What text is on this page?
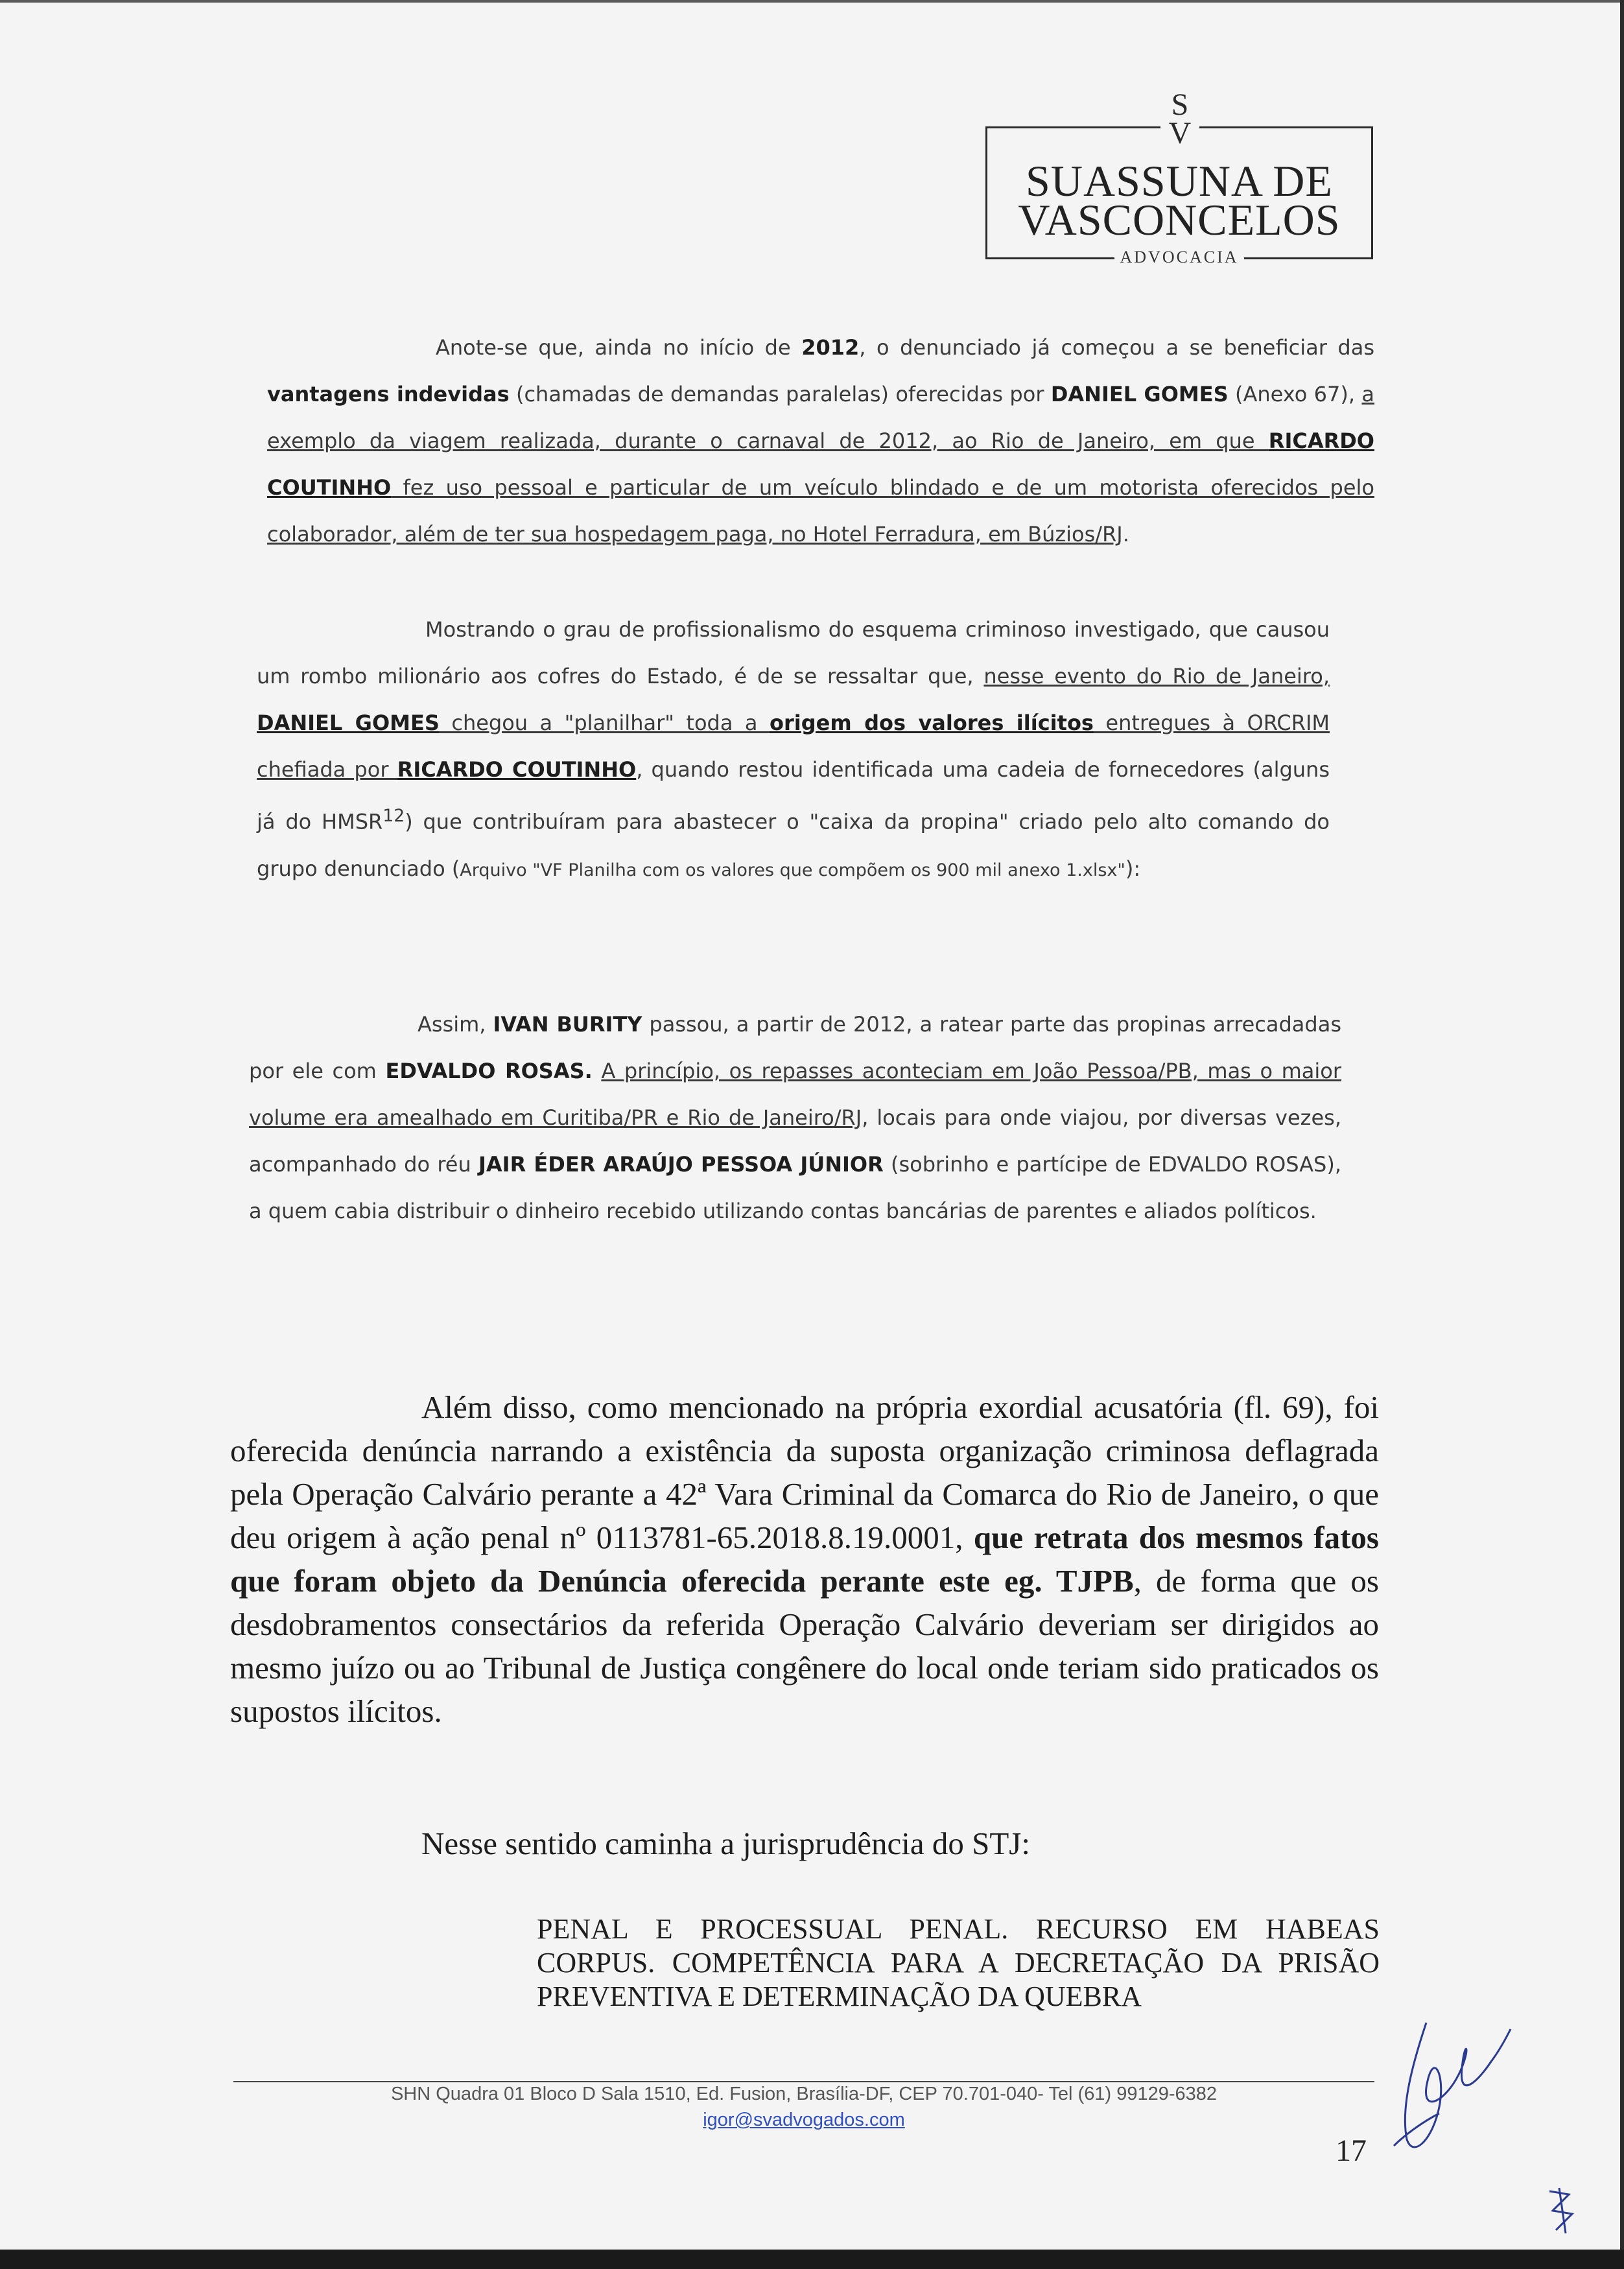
S
V
SUASSUNA DE
VASCONCELOS
ADVOCACIA

Anote-se que, ainda no início de 2012, o denunciado já começou a se beneficiar das vantagens indevidas (chamadas de demandas paralelas) oferecidas por DANIEL GOMES (Anexo 67), a exemplo da viagem realizada, durante o carnaval de 2012, ao Rio de Janeiro, em que RICARDO COUTINHO fez uso pessoal e particular de um veículo blindado e de um motorista oferecidos pelo colaborador, além de ter sua hospedagem paga, no Hotel Ferradura, em Búzios/RJ.

Mostrando o grau de profissionalismo do esquema criminoso investigado, que causou um rombo milionário aos cofres do Estado, é de se ressaltar que, nesse evento do Rio de Janeiro, DANIEL GOMES chegou a "planilhar" toda a origem dos valores ilícitos entregues à ORCRIM chefiada por RICARDO COUTINHO, quando restou identificada uma cadeia de fornecedores (alguns já do HMSR$^{12}$) que contribuíram para abastecer o "caixa da propina" criado pelo alto comando do grupo denunciado (Arquivo "VF Planilha com os valores que compõem os 900 mil anexo 1.xlsx"):

Assim, IVAN BURITY passou, a partir de 2012, a ratear parte das propinas arrecadadas por ele com EDVALDO ROSAS. A princípio, os repasses aconteciam em João Pessoa/PB, mas o maior volume era amealhado em Curitiba/PR e Rio de Janeiro/RJ, locais para onde viajou, por diversas vezes, acompanhado do réu JAIR ÉDER ARAÚJO PESSOA JÚNIOR (sobrinho e partícipe de EDVALDO ROSAS), a quem cabia distribuir o dinheiro recebido utilizando contas bancárias de parentes e aliados políticos.

Além disso, como mencionado na própria exordial acusatória (fl. 69), foi oferecida denúncia narrando a existência da suposta organização criminosa deflagrada pela Operação Calvário perante a 42ª Vara Criminal da Comarca do Rio de Janeiro, o que deu origem à ação penal nº 0113781-65.2018.8.19.0001, que retrata dos mesmos fatos que foram objeto da Denúncia oferecida perante este eg. TJPB, de forma que os desdobramentos consectários da referida Operação Calvário deveriam ser dirigidos ao mesmo juízo ou ao Tribunal de Justiça congênere do local onde teriam sido praticados os supostos ilícitos.

Nesse sentido caminha a jurisprudência do STJ:

PENAL E PROCESSUAL PENAL. RECURSO EM HABEAS CORPUS. COMPETÊNCIA PARA A DECRETAÇÃO DA PRISÃO PREVENTIVA E DETERMINAÇÃO DA QUEBRA
SHN Quadra 01 Bloco D Sala 1510, Ed. Fusion, Brasília-DF, CEP 70.701-040- Tel (61) 99129-6382
igor@svadvogados.com
17
